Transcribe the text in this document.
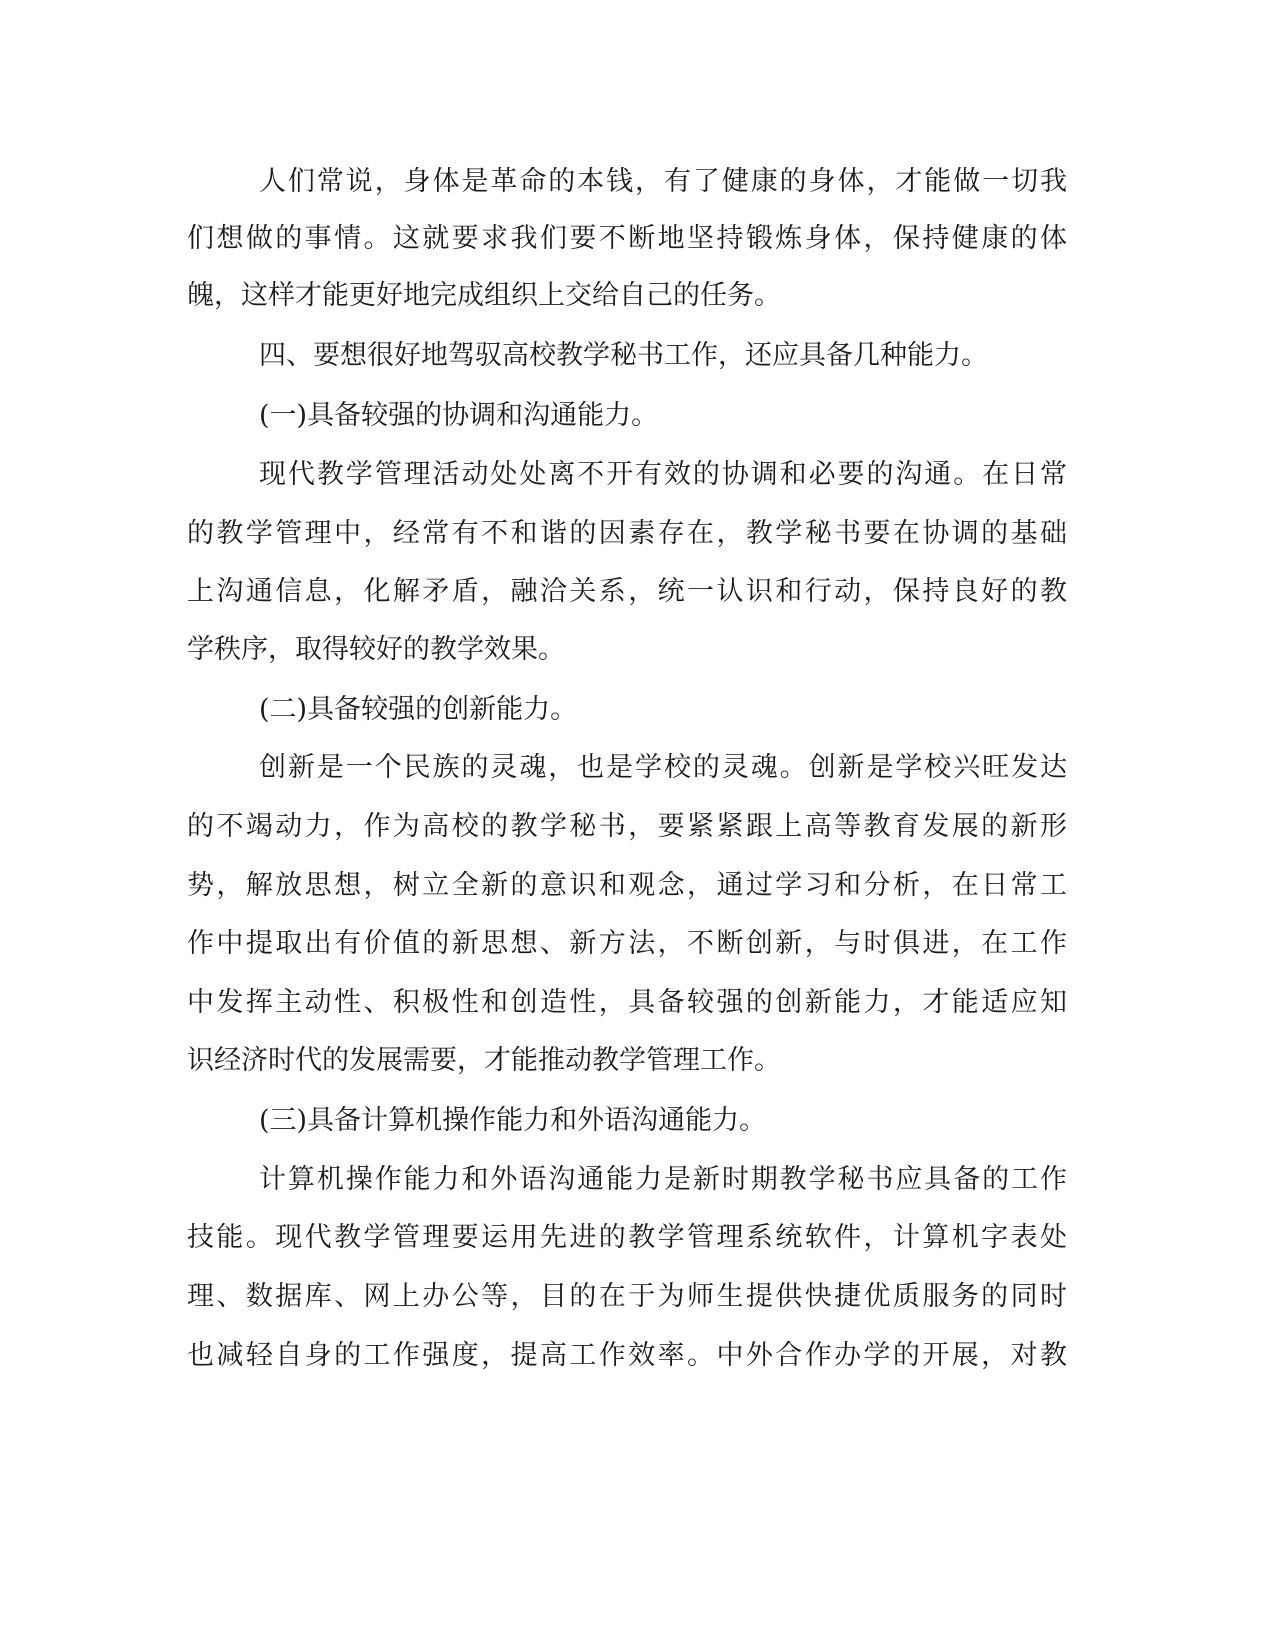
人们常说，身体是革命的本钱，有了健康的身体，才能做一切我
们想做的事情。这就要求我们要不断地坚持锻炼身体，保持健康的体
魄，这样才能更好地完成组织上交给自己的任务。
四、要想很好地驾驭高校教学秘书工作，还应具备几种能力。
(一)具备较强的协调和沟通能力。
现代教学管理活动处处离不开有效的协调和必要的沟通。在日常
的教学管理中，经常有不和谐的因素存在，教学秘书要在协调的基础
上沟通信息，化解矛盾，融洽关系，统一认识和行动，保持良好的教
学秩序，取得较好的教学效果。
(二)具备较强的创新能力。
创新是一个民族的灵魂，也是学校的灵魂。创新是学校兴旺发达
的不竭动力，作为高校的教学秘书，要紧紧跟上高等教育发展的新形
势，解放思想，树立全新的意识和观念，通过学习和分析，在日常工
作中提取出有价值的新思想、新方法，不断创新，与时俱进，在工作
中发挥主动性、积极性和创造性，具备较强的创新能力，才能适应知
识经济时代的发展需要，才能推动教学管理工作。
(三)具备计算机操作能力和外语沟通能力。
计算机操作能力和外语沟通能力是新时期教学秘书应具备的工作
技能。现代教学管理要运用先进的教学管理系统软件，计算机字表处
理、数据库、网上办公等，目的在于为师生提供快捷优质服务的同时
也减轻自身的工作强度，提高工作效率。中外合作办学的开展，对教
